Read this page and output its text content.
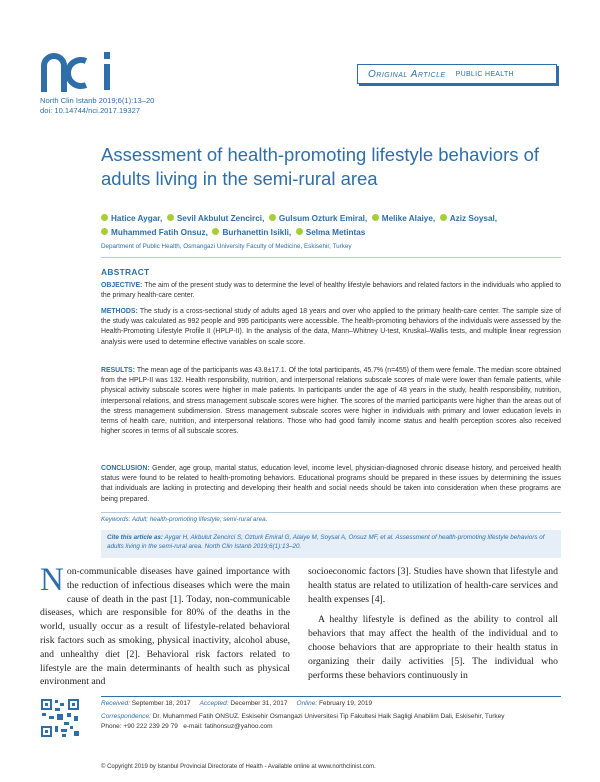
Original Article PUBLIC HEALTH
North Clin Istanb 2019;6(1):13–20
doi: 10.14744/nci.2017.19327
Assessment of health-promoting lifestyle behaviors of adults living in the semi-rural area
Hatice Aygar, Sevil Akbulut Zencirci, Gulsum Ozturk Emiral, Melike Alaiye, Aziz Soysal,
Muhammed Fatih Onsuz, Burhanettin Isikli, Selma Metintas
Department of Public Health, Osmangazi University Faculty of Medicine, Eskisehir, Turkey
ABSTRACT
OBJECTIVE: The aim of the present study was to determine the level of healthy lifestyle behaviors and related factors in the individuals who applied to the primary health-care center.
METHODS: The study is a cross-sectional study of adults aged 18 years and over who applied to the primary health-care center. The sample size of the study was calculated as 992 people and 995 participants were accessible. The health-promoting behaviors of the individuals were assessed by the Health-Promoting Lifestyle Profile II (HPLP-II). In the analysis of the data, Mann–Whitney U-test, Kruskal–Wallis tests, and multiple linear regression analysis were used to determine effective variables on scale score.
RESULTS: The mean age of the participants was 43.8±17.1. Of the total participants, 45.7% (n=455) of them were female. The median score obtained from the HPLP-II was 132. Health responsibility, nutrition, and interpersonal relations subscale scores of male were lower than female patients, while physical activity subscale scores were higher in male patients. In participants under the age of 48 years in the study, health responsibility, nutrition, interpersonal relations, and stress management subscale scores were higher. The scores of the married participants were higher than the areas out of the stress management subdimension. Stress management subscale scores were higher in individuals with primary and lower education levels in terms of health care, nutrition, and interpersonal relations. Those who had good family income status and health perception scores also received higher scores in terms of all subscale scores.
CONCLUSION: Gender, age group, marital status, education level, income level, physician-diagnosed chronic disease history, and perceived health status were found to be related to health-promoting behaviors. Educational programs should be prepared in these issues by determining the issues that individuals are lacking in protecting and developing their health and social needs should be taken into consideration when these programs are being prepared.
Keywords: Adult; health-promoting lifestyle; semi-rural area.
Cite this article as: Aygar H, Akbulut Zencirci S, Ozturk Emiral G, Alaiye M, Soysal A, Onsuz MF, et al. Assessment of health-promoting lifestyle behaviors of adults living in the semi-rural area. North Clin Istanb 2019;6(1):13–20.
Non-communicable diseases have gained importance with the reduction of infectious diseases which were the main cause of death in the past [1]. Today, non-communicable diseases, which are responsible for 80% of the deaths in the world, usually occur as a result of lifestyle-related behavioral risk factors such as smoking, physical inactivity, alcohol abuse, and unhealthy diet [2]. Behavioral risk factors related to lifestyle are the main determinants of health such as physical environment and
socioeconomic factors [3]. Studies have shown that lifestyle and health status are related to utilization of health-care services and health expenses [4].
A healthy lifestyle is defined as the ability to control all behaviors that may affect the health of the individual and to choose behaviors that are appropriate to their health status in organizing their daily activities [5]. The individual who performs these behaviors continuously in
Received: September 18, 2017 Accepted: December 31, 2017 Online: February 19, 2019
Correspondence: Dr. Muhammed Fatih ONSUZ. Eskisehir Osmangazi Universitesi Tip Fakultesi Halk Sagligi Anabilim Dali, Eskisehir, Turkey
Phone: +90 222 239 29 79 e-mail: fatihonsuz@yahoo.com
© Copyright 2019 by Istanbul Provincial Directorate of Health - Available online at www.northclinist.com.
